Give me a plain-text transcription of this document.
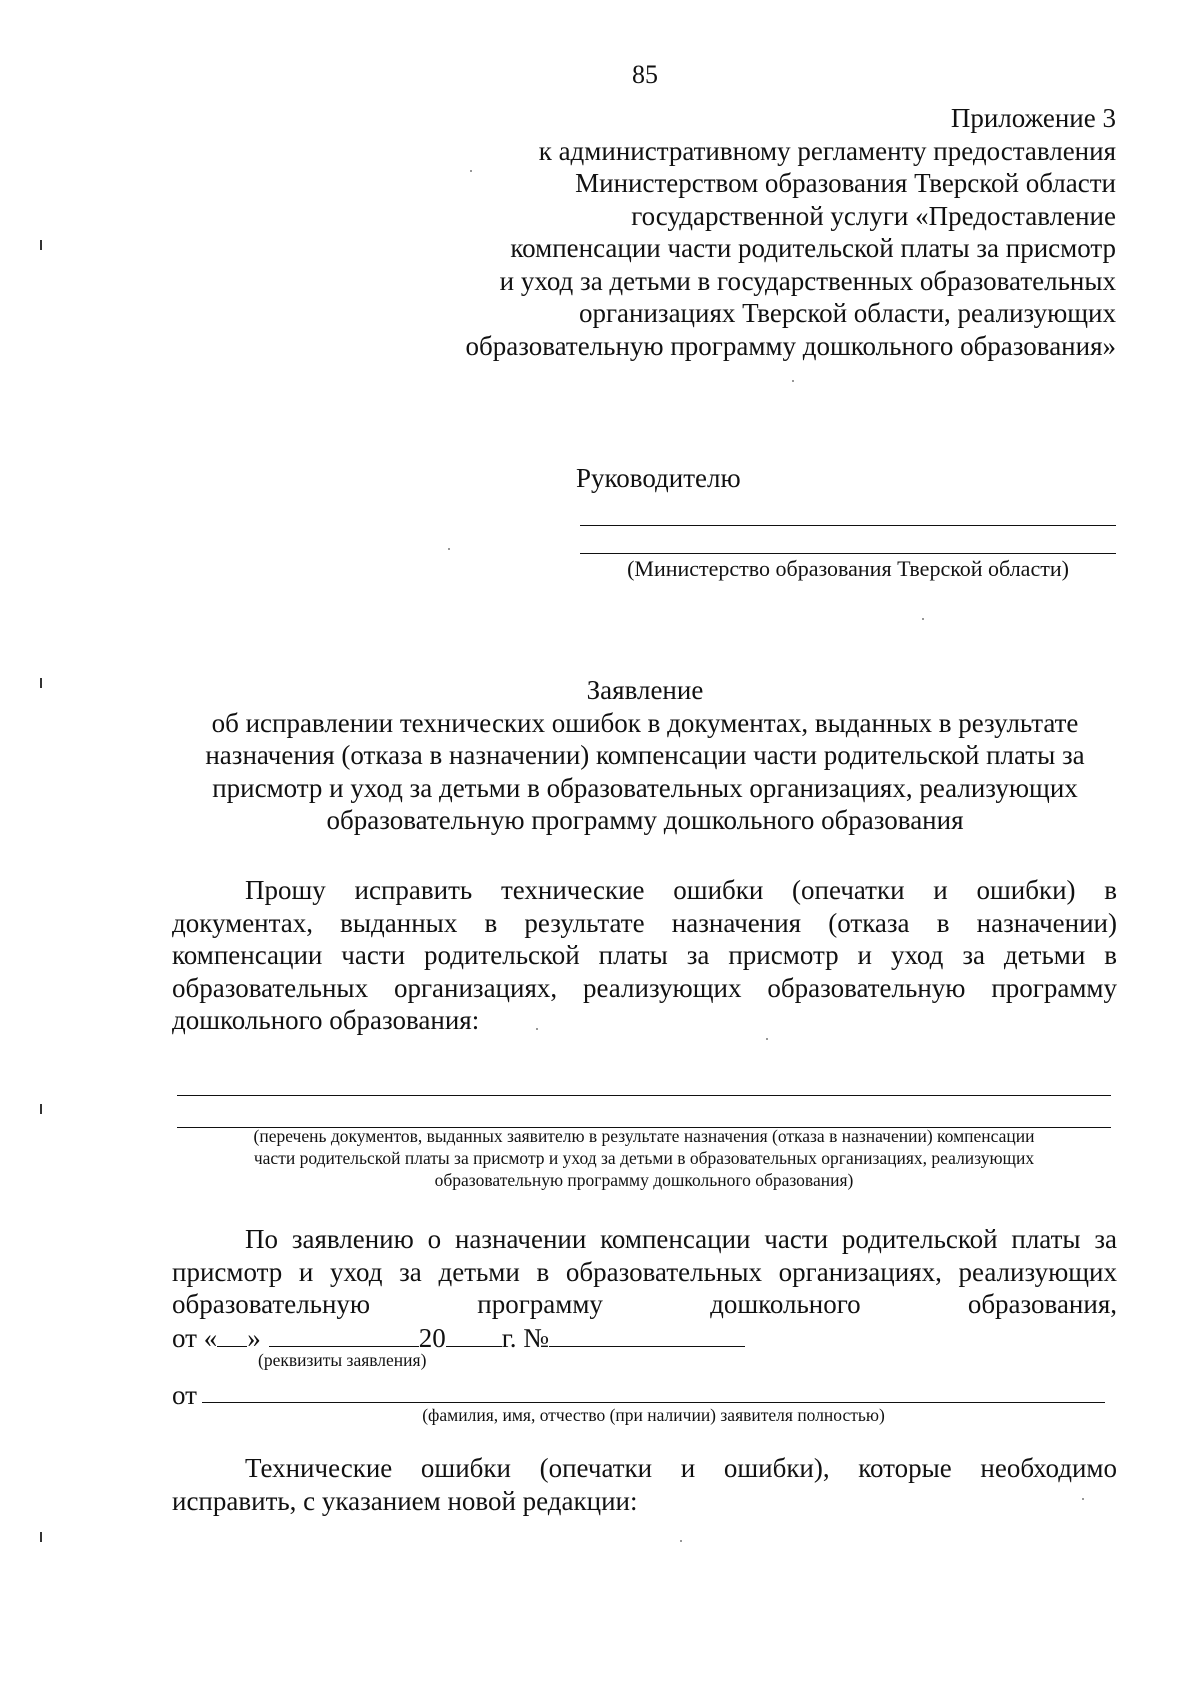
85
Приложение 3
к административному регламенту предоставления
Министерством образования Тверской области
государственной услуги «Предоставление
компенсации части родительской платы за присмотр
и уход за детьми в государственных образовательных
организациях Тверской области, реализующих
образовательную программу дошкольного образования»
Руководителю
(Министерство образования Тверской области)
Заявление
об исправлении технических ошибок в документах, выданных в результате
назначения (отказа в назначении) компенсации части родительской платы за
присмотр и уход за детьми в образовательных организациях, реализующих
образовательную программу дошкольного образования
Прошу исправить технические ошибки (опечатки и ошибки) в
документах, выданных в результате назначения (отказа в назначении)
компенсации части родительской платы за присмотр и уход за детьми в
образовательных организациях, реализующих образовательную программу
дошкольного образования:
(перечень документов, выданных заявителю в результате назначения (отказа в назначении) компенсации
части родительской платы за присмотр и уход за детьми в образовательных организациях, реализующих
образовательную программу дошкольного образования)
По заявлению о назначении компенсации части родительской платы за
присмотр и уход за детьми в образовательных организациях, реализующих
образовательную программу дошкольного образования,
от « »	20 г. №
(реквизиты заявления)
от
(фамилия, имя, отчество (при наличии) заявителя полностью)
Технические ошибки (опечатки и ошибки), которые необходимо
исправить, с указанием новой редакции:
